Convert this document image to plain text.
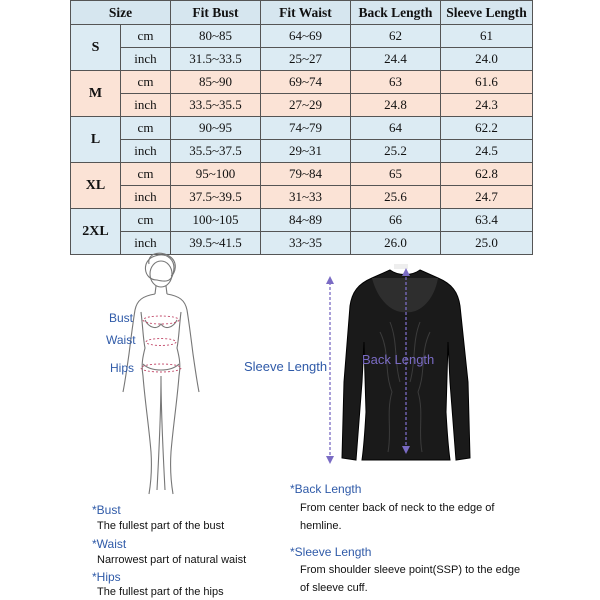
Size		Fit Bust	Fit Waist	Back Length	Sleeve Length
S	cm	80~85	64~69	62	61
	inch	31.5~33.5	25~27	24.4	24.0
M	cm	85~90	69~74	63	61.6
	inch	33.5~35.5	27~29	24.8	24.3
L	cm	90~95	74~79	64	62.2
	inch	35.5~37.5	29~31	25.2	24.5
XL	cm	95~100	79~84	65	62.8
	inch	37.5~39.5	31~33	25.6	24.7
2XL	cm	100~105	84~89	66	63.4
	inch	39.5~41.5	33~35	26.0	25.0
Bust
Waist
Hips	Sleeve Length	Back Length
*Bust
The fullest part of the bust
*Waist
Narrowest part of natural waist
*Hips
The fullest part of the hips
*Back Length
From center back of neck to the edge of
hemline.
*Sleeve Length
From shoulder sleeve point(SSP) to the edge
of sleeve cuff.
